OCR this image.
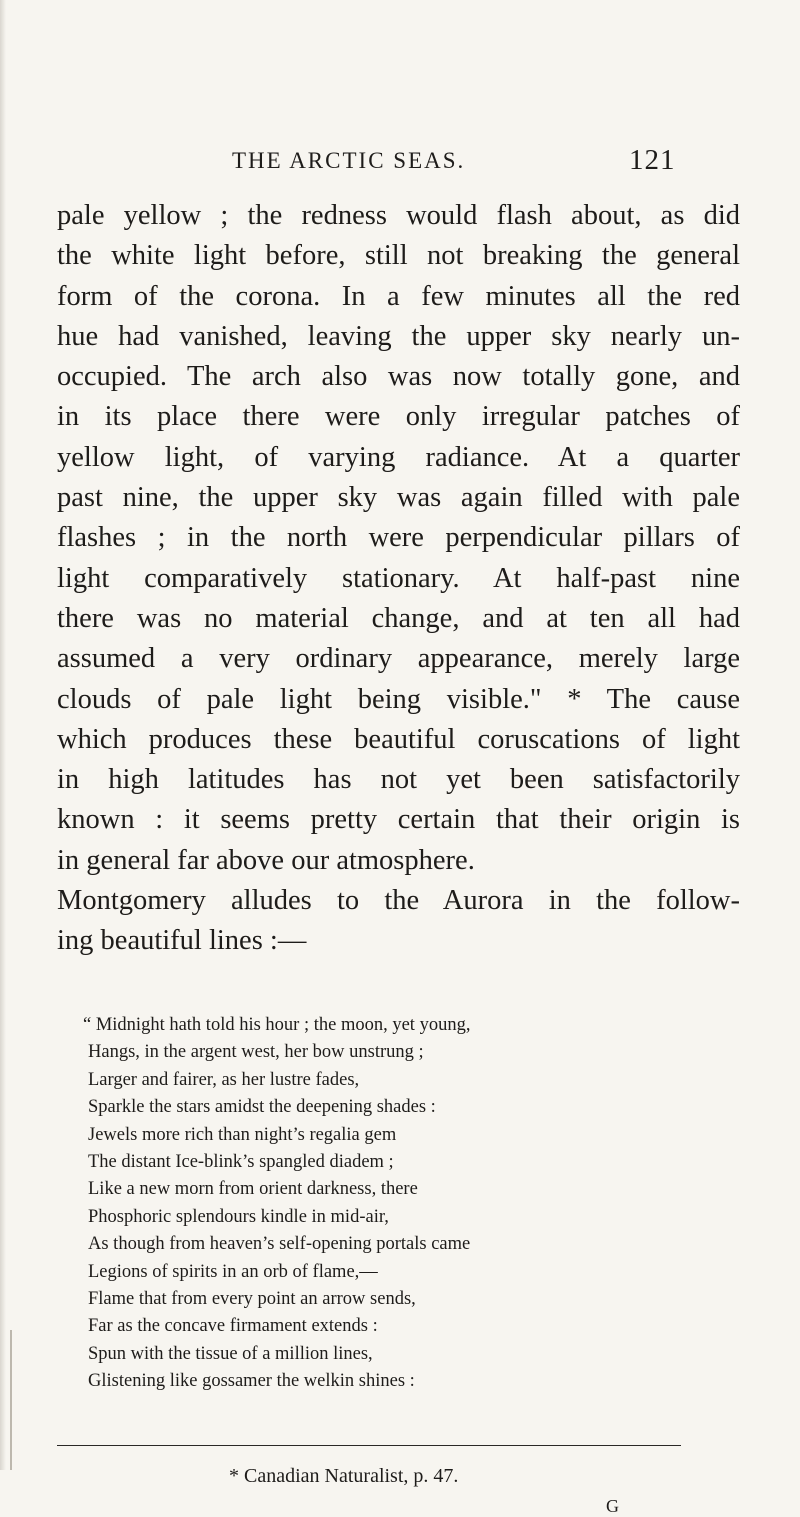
THE ARCTIC SEAS.	121
pale yellow ; the redness would flash about, as did
the white light before, still not breaking the general
form of the corona. In a few minutes all the red
hue had vanished, leaving the upper sky nearly un-
occupied. The arch also was now totally gone, and
in its place there were only irregular patches of
yellow light, of varying radiance. At a quarter
past nine, the upper sky was again filled with pale
flashes ; in the north were perpendicular pillars of
light comparatively stationary. At half-past nine
there was no material change, and at ten all had
assumed a very ordinary appearance, merely large
clouds of pale light being visible." * The cause
which produces these beautiful coruscations of light
in high latitudes has not yet been satisfactorily
known : it seems pretty certain that their origin is
in general far above our atmosphere.
Montgomery alludes to the Aurora in the follow-
ing beautiful lines :—
“ Midnight hath told his hour ; the moon, yet young,
Hangs, in the argent west, her bow unstrung ;
Larger and fairer, as her lustre fades,
Sparkle the stars amidst the deepening shades :
Jewels more rich than night’s regalia gem
The distant Ice-blink’s spangled diadem ;
Like a new morn from orient darkness, there
Phosphoric splendours kindle in mid-air,
As though from heaven’s self-opening portals came
Legions of spirits in an orb of flame,—
Flame that from every point an arrow sends,
Far as the concave firmament extends :
Spun with the tissue of a million lines,
Glistening like gossamer the welkin shines :
* Canadian Naturalist, p. 47.
G
